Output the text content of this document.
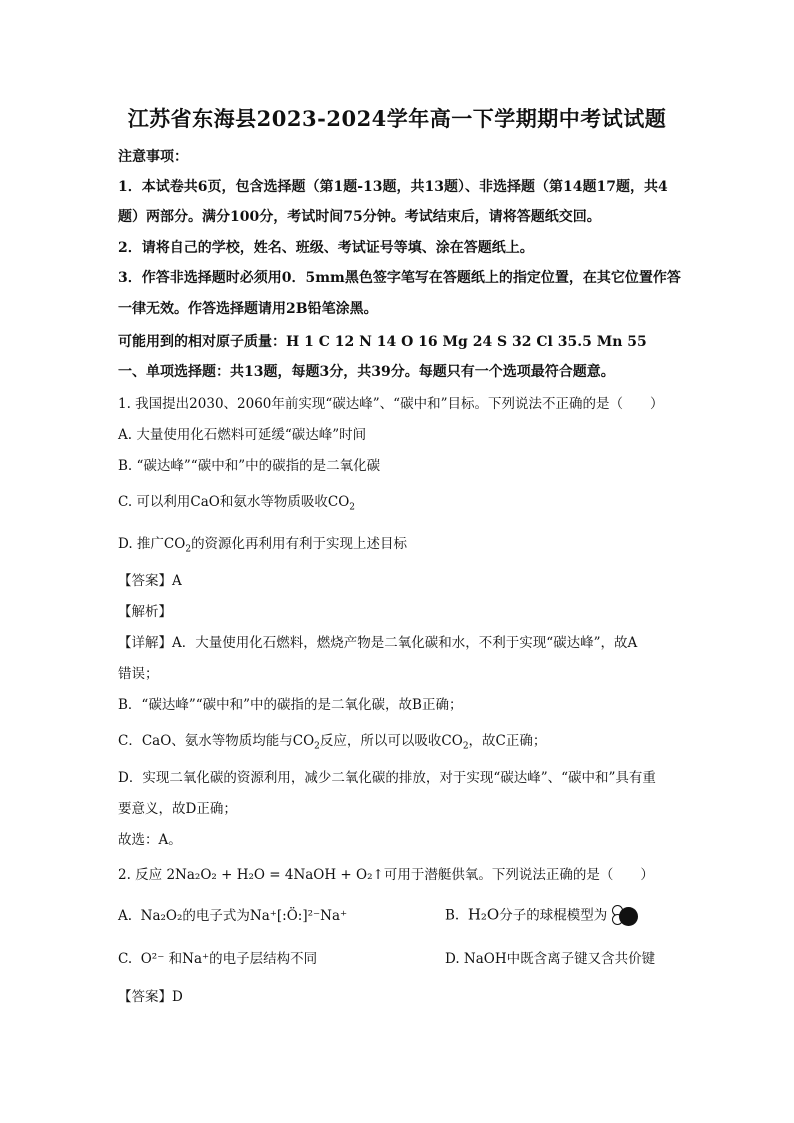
江苏省东海县2023-2024学年高一下学期期中考试试题
注意事项：
1．本试卷共6页，包含选择题（第1题-13题，共13题）、非选择题（第14题17题，共4
题）两部分。满分100分，考试时间75分钟。考试结束后，请将答题纸交回。
2．请将自己的学校，姓名、班级、考试证号等填、涂在答题纸上。
3．作答非选择题时必须用0．5mm黑色签字笔写在答题纸上的指定位置，在其它位置作答
一律无效。作答选择题请用2B铅笔涂黑。
可能用到的相对原子质量：H 1 C 12 N 14 O 16 Mg 24 S 32 Cl 35.5 Mn 55
一、单项选择题：共13题，每题3分，共39分。每题只有一个选项最符合题意。
1. 我国提出2030、2060年前实现“碳达峰”、“碳中和”目标。下列说法不正确的是（　　）
A. 大量使用化石燃料可延缓“碳达峰”时间
B. “碳达峰”“碳中和”中的碳指的是二氧化碳
C. 可以利用CaO和氨水等物质吸收$CO_2$
D. 推广$CO_2$的资源化再利用有利于实现上述目标
【答案】A
【解析】
【详解】A．大量使用化石燃料，燃烧产物是二氧化碳和水，不利于实现“碳达峰”，故A
错误；
B．“碳达峰”“碳中和”中的碳指的是二氧化碳，故B正确；
C．CaO、氨水等物质均能与$CO_2$反应，所以可以吸收$CO_2$，故C正确；
D．实现二氧化碳的资源利用，减少二氧化碳的排放，对于实现“碳达峰”、“碳中和”具有重
要意义，故D正确；
故选：A。
2. 反应 2Na₂O₂ + H₂O = 4NaOH + O₂↑可用于潜艇供氧。下列说法正确的是（　　）
A. Na₂O₂的电子式为Na⁺[:Ö:]²⁻Na⁺	B. H₂O分子的球棍模型为
C. O²⁻ 和Na⁺的电子层结构不同	D. NaOH中既含离子键又含共价键
【答案】D
